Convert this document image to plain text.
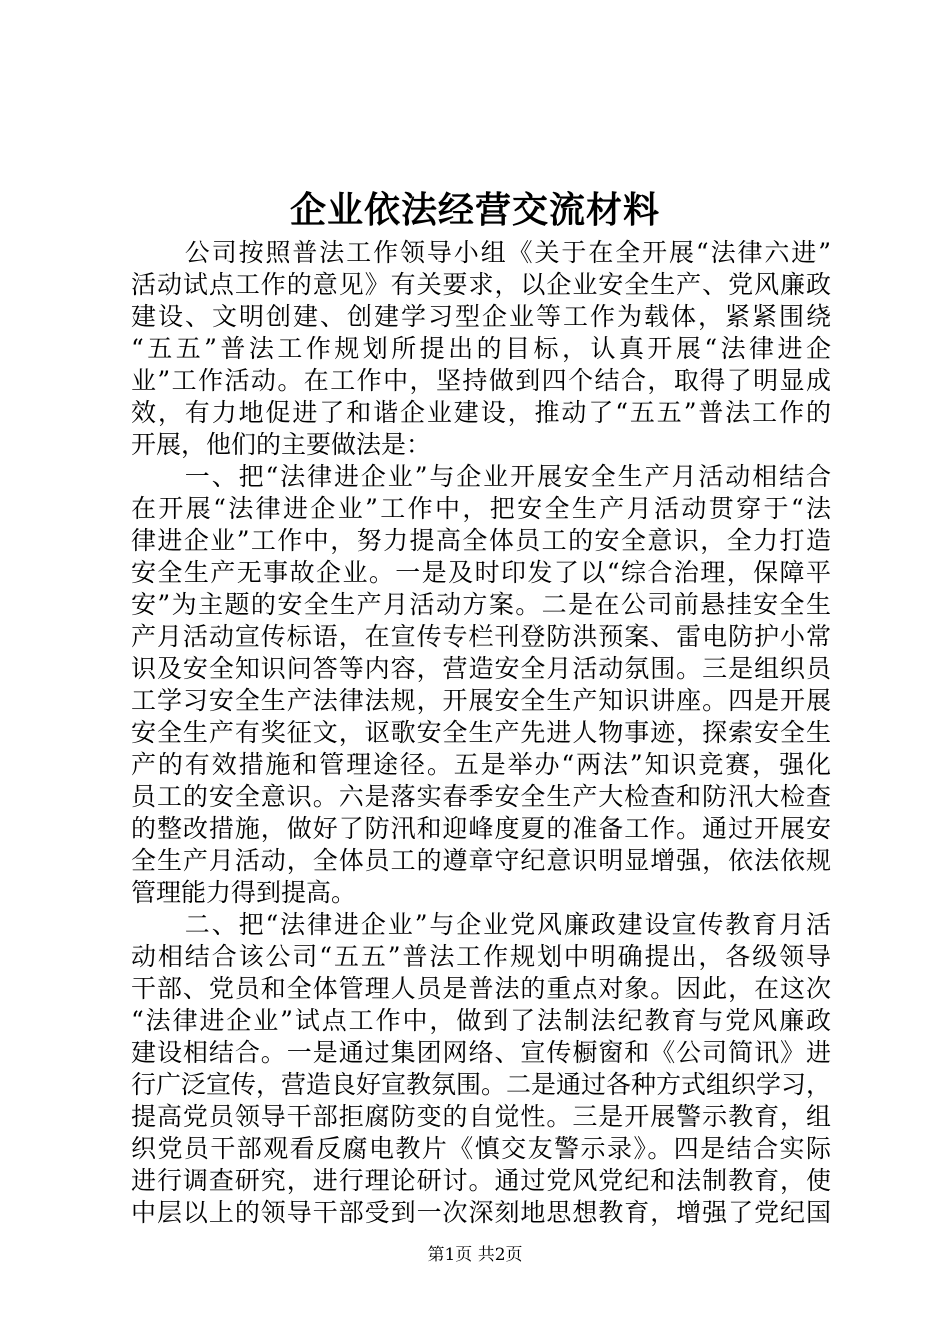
企业依法经营交流材料
　　公司按照普法工作领导小组《关于在全开展“法律六进”
活动试点工作的意见》有关要求，以企业安全生产、党风廉政
建设、文明创建、创建学习型企业等工作为载体，紧紧围绕
“五五”普法工作规划所提出的目标，认真开展“法律进企
业”工作活动。在工作中，坚持做到四个结合，取得了明显成
效，有力地促进了和谐企业建设，推动了“五五”普法工作的
开展，他们的主要做法是：
　　一、把“法律进企业”与企业开展安全生产月活动相结合
在开展“法律进企业”工作中，把安全生产月活动贯穿于“法
律进企业”工作中，努力提高全体员工的安全意识，全力打造
安全生产无事故企业。一是及时印发了以“综合治理，保障平
安”为主题的安全生产月活动方案。二是在公司前悬挂安全生
产月活动宣传标语，在宣传专栏刊登防洪预案、雷电防护小常
识及安全知识问答等内容，营造安全月活动氛围。三是组织员
工学习安全生产法律法规，开展安全生产知识讲座。四是开展
安全生产有奖征文，讴歌安全生产先进人物事迹，探索安全生
产的有效措施和管理途径。五是举办“两法”知识竞赛，强化
员工的安全意识。六是落实春季安全生产大检查和防汛大检查
的整改措施，做好了防汛和迎峰度夏的准备工作。通过开展安
全生产月活动，全体员工的遵章守纪意识明显增强，依法依规
管理能力得到提高。
　　二、把“法律进企业”与企业党风廉政建设宣传教育月活
动相结合该公司“五五”普法工作规划中明确提出，各级领导
干部、党员和全体管理人员是普法的重点对象。因此，在这次
“法律进企业”试点工作中，做到了法制法纪教育与党风廉政
建设相结合。一是通过集团网络、宣传橱窗和《公司简讯》进
行广泛宣传，营造良好宣教氛围。二是通过各种方式组织学习，
提高党员领导干部拒腐防变的自觉性。三是开展警示教育，组
织党员干部观看反腐电教片《慎交友警示录》。四是结合实际
进行调查研究，进行理论研讨。通过党风党纪和法制教育，使
中层以上的领导干部受到一次深刻地思想教育，增强了党纪国
第1页 共2页
